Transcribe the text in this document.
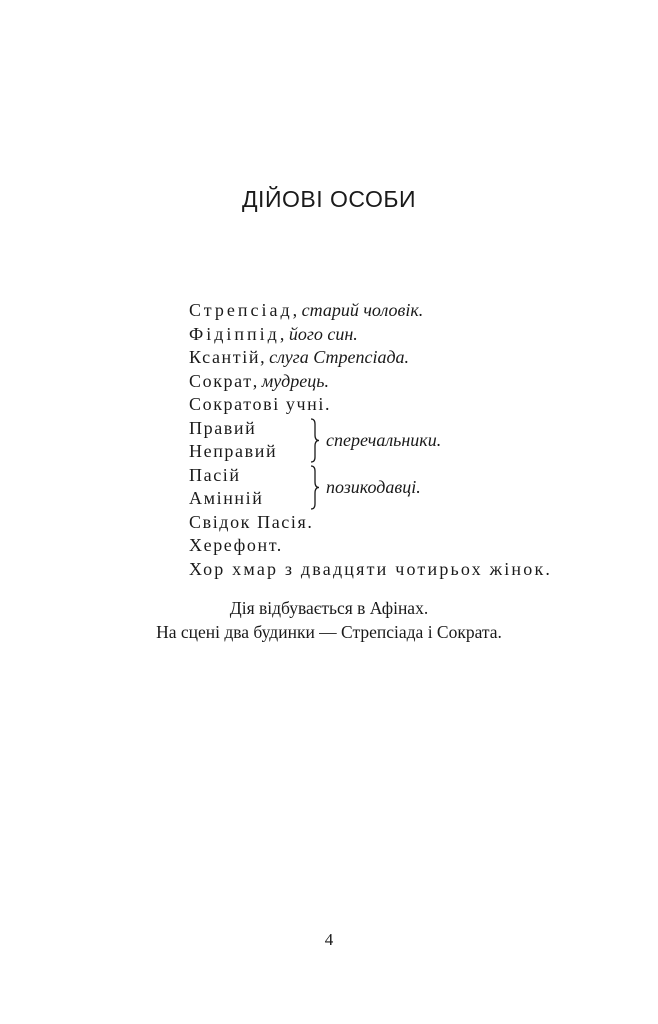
ДІЙОВІ ОСОБИ
Стрепсіад, старий чоловік.
Фідіппід, його син.
Ксантій, слуга Стрепсіада.
Сократ, мудрець.
Сократові учні.
Правий
Неправий
сперечальники.
Пасій
Амінній
позикодавці.
Свідок Пасія.
Херефонт.
Хор хмар з двадцяти чотирьох жінок.
Дія відбувається в Афінах.
На сцені два будинки — Стрепсіада і Сократа.
4
